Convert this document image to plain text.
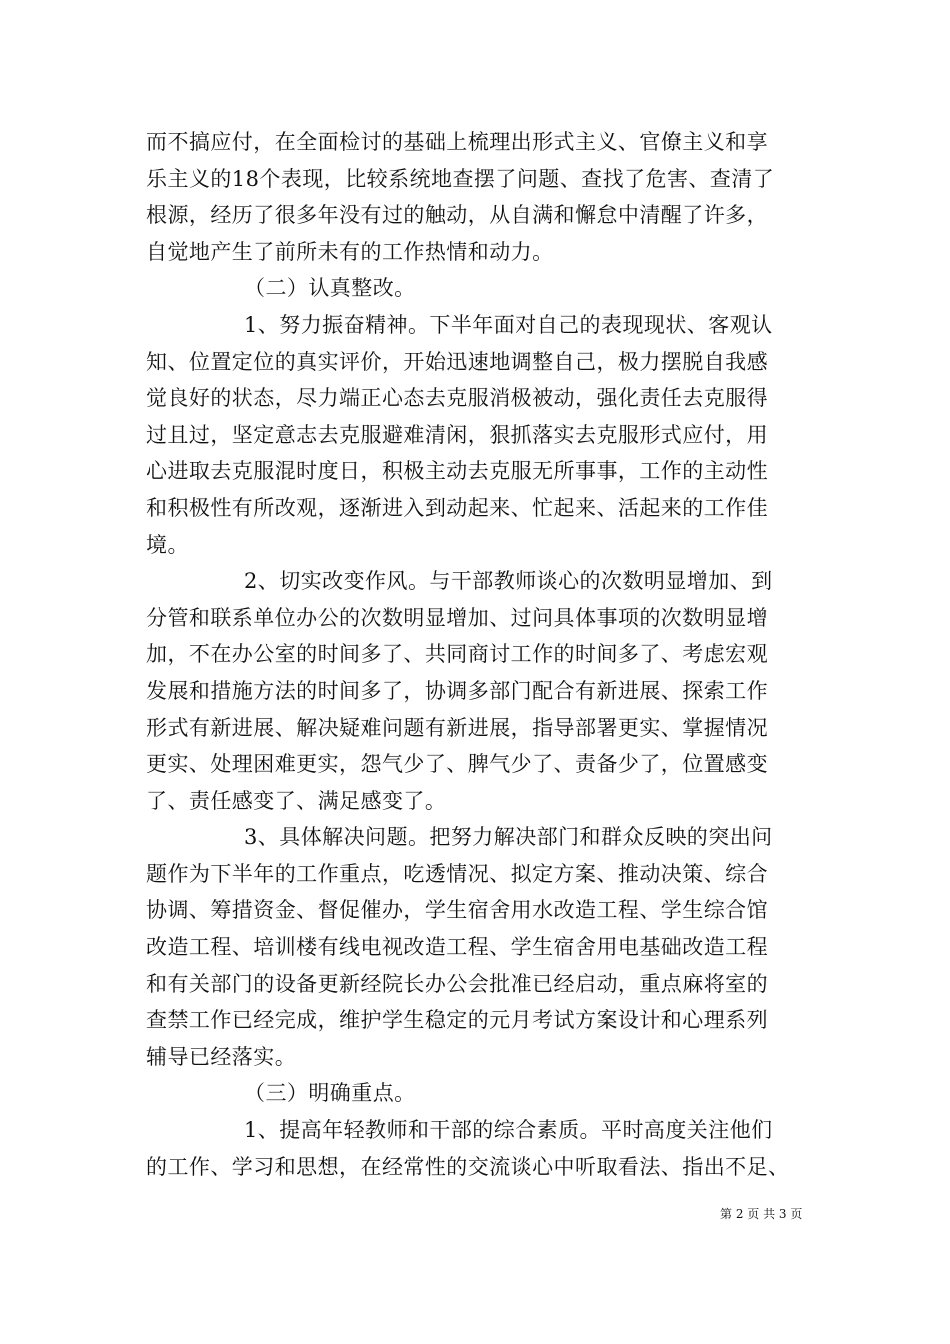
而不搞应付，在全面检讨的基础上梳理出形式主义、官僚主义和享
乐主义的18个表现，比较系统地查摆了问题、查找了危害、查清了
根源，经历了很多年没有过的触动，从自满和懈怠中清醒了许多，
自觉地产生了前所未有的工作热情和动力。
（二）认真整改。
1、努力振奋精神。下半年面对自己的表现现状、客观认
知、位置定位的真实评价，开始迅速地调整自己，极力摆脱自我感
觉良好的状态，尽力端正心态去克服消极被动，强化责任去克服得
过且过，坚定意志去克服避难清闲，狠抓落实去克服形式应付，用
心进取去克服混时度日，积极主动去克服无所事事，工作的主动性
和积极性有所改观，逐渐进入到动起来、忙起来、活起来的工作佳
境。
2、切实改变作风。与干部教师谈心的次数明显增加、到
分管和联系单位办公的次数明显增加、过问具体事项的次数明显增
加，不在办公室的时间多了、共同商讨工作的时间多了、考虑宏观
发展和措施方法的时间多了，协调多部门配合有新进展、探索工作
形式有新进展、解决疑难问题有新进展，指导部署更实、掌握情况
更实、处理困难更实，怨气少了、脾气少了、责备少了，位置感变
了、责任感变了、满足感变了。
3、具体解决问题。把努力解决部门和群众反映的突出问
题作为下半年的工作重点，吃透情况、拟定方案、推动决策、综合
协调、筹措资金、督促催办，学生宿舍用水改造工程、学生综合馆
改造工程、培训楼有线电视改造工程、学生宿舍用电基础改造工程
和有关部门的设备更新经院长办公会批准已经启动，重点麻将室的
查禁工作已经完成，维护学生稳定的元月考试方案设计和心理系列
辅导已经落实。
（三）明确重点。
1、提高年轻教师和干部的综合素质。平时高度关注他们
的工作、学习和思想，在经常性的交流谈心中听取看法、指出不足、
第 2 页 共 3 页
